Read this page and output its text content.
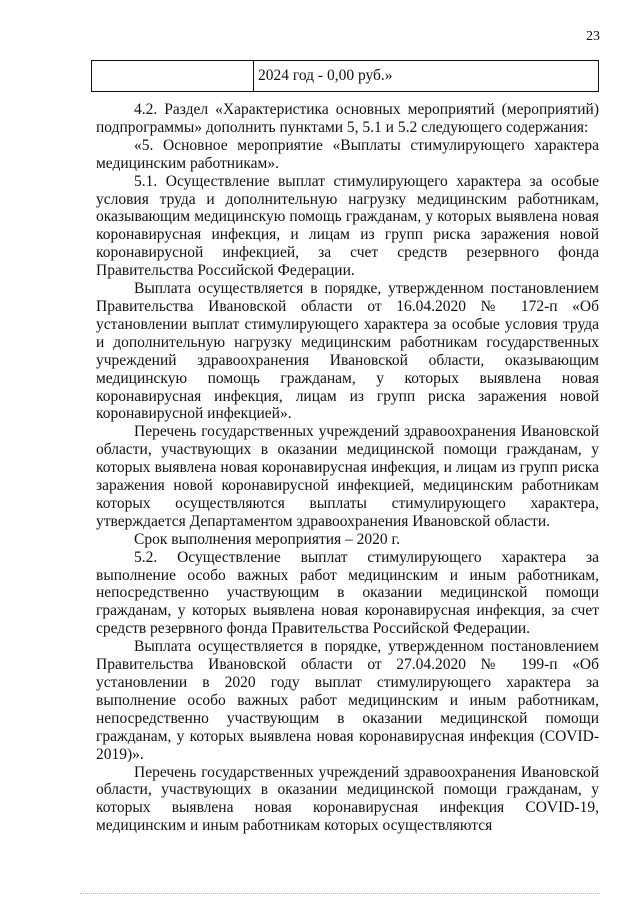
23
	2024 год - 0,00 руб.»

4.2. Раздел «Характеристика основных мероприятий (мероприятий) подпрограммы» дополнить пунктами 5, 5.1 и 5.2 следующего содержания:

«5. Основное мероприятие «Выплаты стимулирующего характера медицинским работникам».

5.1. Осуществление выплат стимулирующего характера за особые условия труда и дополнительную нагрузку медицинским работникам, оказывающим медицинскую помощь гражданам, у которых выявлена новая коронавирусная инфекция, и лицам из групп риска заражения новой коронавирусной инфекцией, за счет средств резервного фонда Правительства Российской Федерации.

Выплата осуществляется в порядке, утвержденном постановлением Правительства Ивановской области от 16.04.2020 № 172-п «Об установлении выплат стимулирующего характера за особые условия труда и дополнительную нагрузку медицинским работникам государственных учреждений здравоохранения Ивановской области, оказывающим медицинскую помощь гражданам, у которых выявлена новая коронавирусная инфекция, лицам из групп риска заражения новой коронавирусной инфекцией».

Перечень государственных учреждений здравоохранения Ивановской области, участвующих в оказании медицинской помощи гражданам, у которых выявлена новая коронавирусная инфекция, и лицам из групп риска заражения новой коронавирусной инфекцией, медицинским работникам которых осуществляются выплаты стимулирующего характера, утверждается Департаментом здравоохранения Ивановской области.

Срок выполнения мероприятия – 2020 г.

5.2. Осуществление выплат стимулирующего характера за выполнение особо важных работ медицинским и иным работникам, непосредственно участвующим в оказании медицинской помощи гражданам, у которых выявлена новая коронавирусная инфекция, за счет средств резервного фонда Правительства Российской Федерации.

Выплата осуществляется в порядке, утвержденном постановлением Правительства Ивановской области от 27.04.2020 № 199-п «Об установлении в 2020 году выплат стимулирующего характера за выполнение особо важных работ медицинским и иным работникам, непосредственно участвующим в оказании медицинской помощи гражданам, у которых выявлена новая коронавирусная инфекция (COVID-2019)».

Перечень государственных учреждений здравоохранения Ивановской области, участвующих в оказании медицинской помощи гражданам, у которых выявлена новая коронавирусная инфекция COVID-19, медицинским и иным работникам которых осуществляются
